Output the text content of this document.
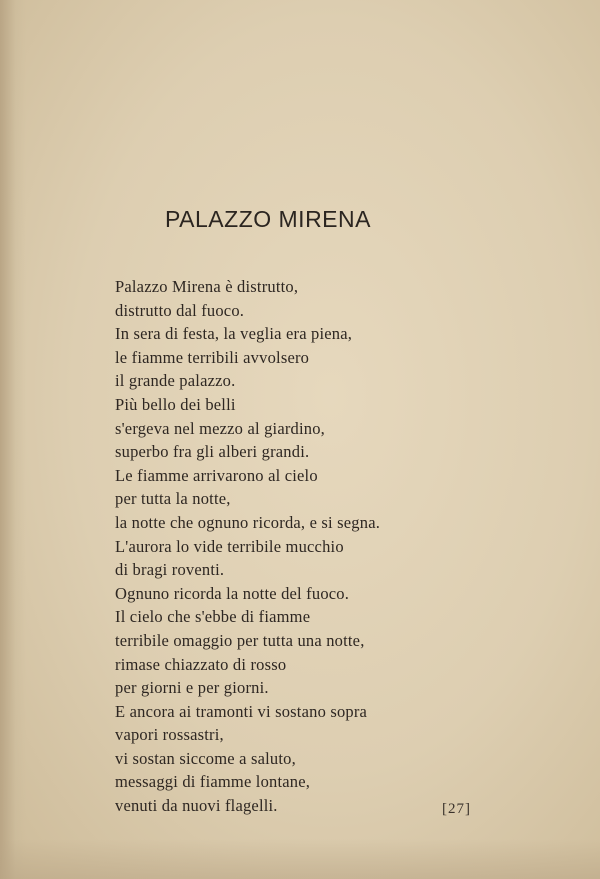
PALAZZO MIRENA
Palazzo Mirena è distrutto,
distrutto dal fuoco.
In sera di festa, la veglia era piena,
le fiamme terribili avvolsero
il grande palazzo.
Più bello dei belli
s'ergeva nel mezzo al giardino,
superbo fra gli alberi grandi.
Le fiamme arrivarono al cielo
per tutta la notte,
la notte che ognuno ricorda, e si segna.
L'aurora lo vide terribile mucchio
di bragi roventi.
Ognuno ricorda la notte del fuoco.
Il cielo che s'ebbe di fiamme
terribile omaggio per tutta una notte,
rimase chiazzato di rosso
per giorni e per giorni.
E ancora ai tramonti vi sostano sopra
vapori rossastri,
vi sostan siccome a saluto,
messaggi di fiamme lontane,
venuti da nuovi flagelli.	[27]
